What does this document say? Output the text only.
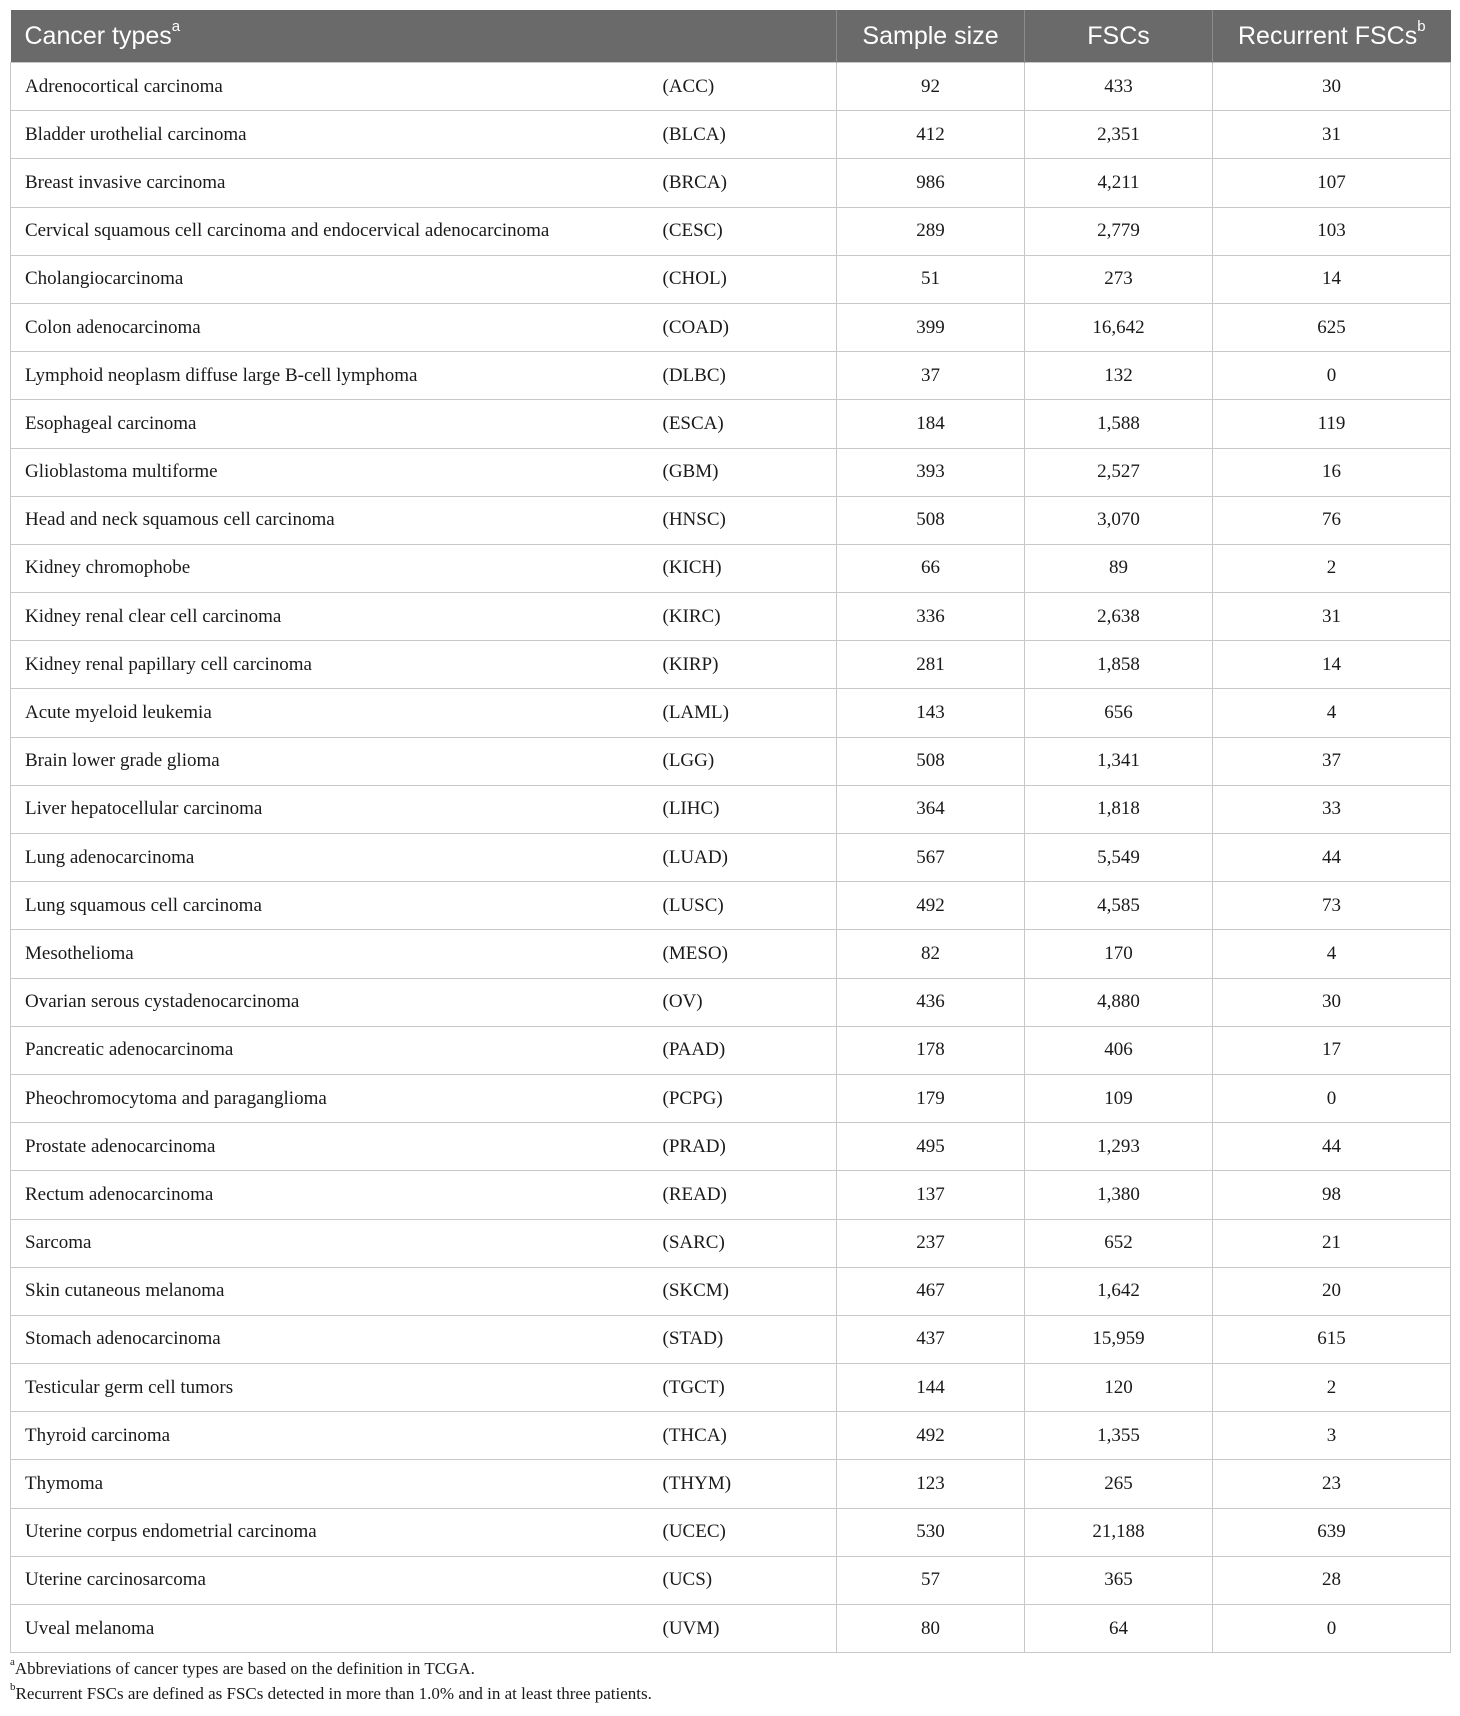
Cancer types$^a$		Sample size	FSCs	Recurrent FSCs$^b$
Adrenocortical carcinoma	(ACC)	92	433	30
Bladder urothelial carcinoma	(BLCA)	412	2,351	31
Breast invasive carcinoma	(BRCA)	986	4,211	107
Cervical squamous cell carcinoma and endocervical adenocarcinoma	(CESC)	289	2,779	103
Cholangiocarcinoma	(CHOL)	51	273	14
Colon adenocarcinoma	(COAD)	399	16,642	625
Lymphoid neoplasm diffuse large B-cell lymphoma	(DLBC)	37	132	0
Esophageal carcinoma	(ESCA)	184	1,588	119
Glioblastoma multiforme	(GBM)	393	2,527	16
Head and neck squamous cell carcinoma	(HNSC)	508	3,070	76
Kidney chromophobe	(KICH)	66	89	2
Kidney renal clear cell carcinoma	(KIRC)	336	2,638	31
Kidney renal papillary cell carcinoma	(KIRP)	281	1,858	14
Acute myeloid leukemia	(LAML)	143	656	4
Brain lower grade glioma	(LGG)	508	1,341	37
Liver hepatocellular carcinoma	(LIHC)	364	1,818	33
Lung adenocarcinoma	(LUAD)	567	5,549	44
Lung squamous cell carcinoma	(LUSC)	492	4,585	73
Mesothelioma	(MESO)	82	170	4
Ovarian serous cystadenocarcinoma	(OV)	436	4,880	30
Pancreatic adenocarcinoma	(PAAD)	178	406	17
Pheochromocytoma and paraganglioma	(PCPG)	179	109	0
Prostate adenocarcinoma	(PRAD)	495	1,293	44
Rectum adenocarcinoma	(READ)	137	1,380	98
Sarcoma	(SARC)	237	652	21
Skin cutaneous melanoma	(SKCM)	467	1,642	20
Stomach adenocarcinoma	(STAD)	437	15,959	615
Testicular germ cell tumors	(TGCT)	144	120	2
Thyroid carcinoma	(THCA)	492	1,355	3
Thymoma	(THYM)	123	265	23
Uterine corpus endometrial carcinoma	(UCEC)	530	21,188	639
Uterine carcinosarcoma	(UCS)	57	365	28
Uveal melanoma	(UVM)	80	64	0
$^a$Abbreviations of cancer types are based on the definition in TCGA.
$^b$Recurrent FSCs are defined as FSCs detected in more than 1.0% and in at least three patients.
